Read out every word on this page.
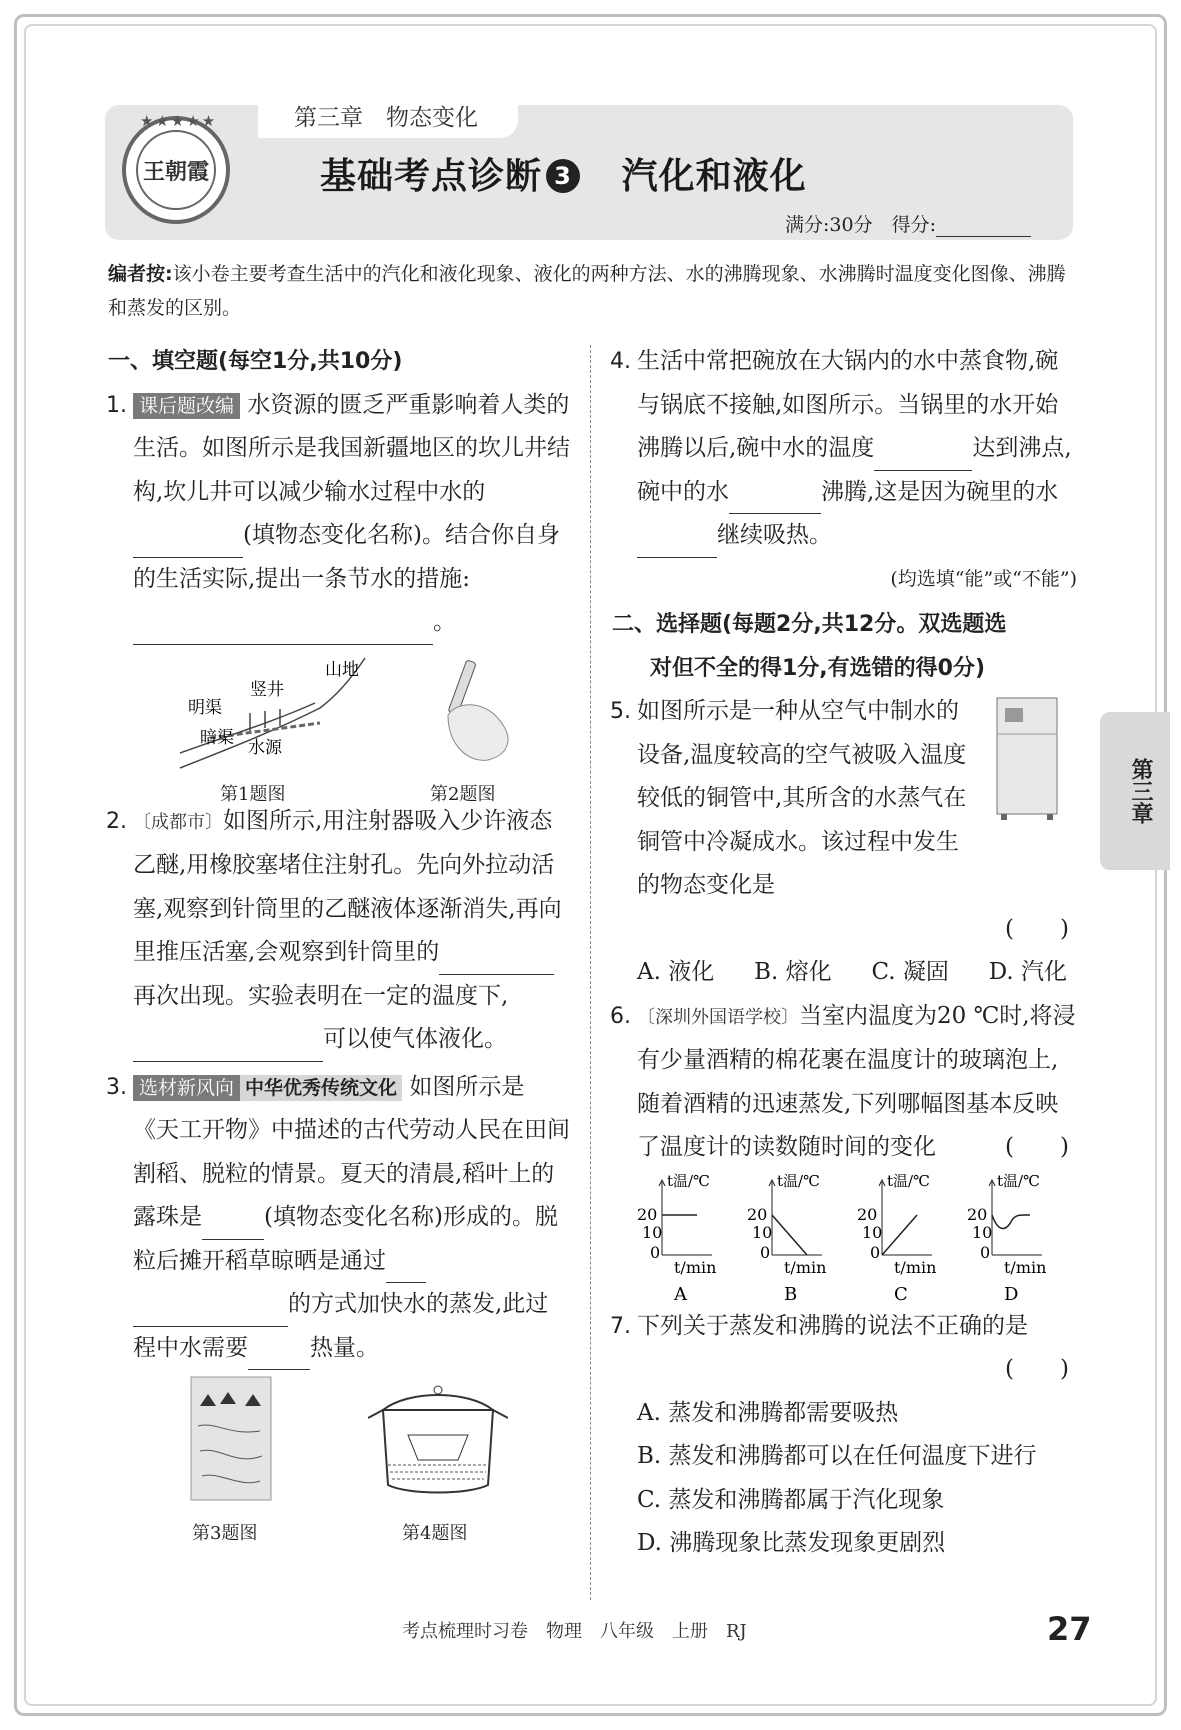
第三章　物态变化
王朝霞
★★★★★
基础考点诊断 3 汽化和液化
满分:30分　得分:
编者按:该小卷主要考查生活中的汽化和液化现象、液化的两种方法、水的沸腾现象、水沸腾时温度变化图像、沸腾和蒸发的区别。
一、填空题(每空1分,共10分)
1. 课后题改编 水资源的匮乏严重影响着人类的生活。如图所示是我国新疆地区的坎儿井结构,坎儿井可以减少输水过程中水的(填物态变化名称)。结合你自身的生活实际,提出一条节水的措施:。
竖井
山地
明渠
暗渠 水源
第1题图	第2题图
2. 〔成都市〕如图所示,用注射器吸入少许液态乙醚,用橡胶塞堵住注射孔。先向外拉动活塞,观察到针筒里的乙醚液体逐渐消失,再向里推压活塞,会观察到针筒里的再次出现。实验表明在一定的温度下,可以使气体液化。
3. 选材新风向 中华优秀传统文化 如图所示是《天工开物》中描述的古代劳动人民在田间割稻、脱粒的情景。夏天的清晨,稻叶上的露珠是	(填物态变化名称)形成的。脱粒后摊开稻草晾晒是通过的方式加快水的蒸发,此过程中水需要	热量。
第3题图	第4题图
4. 生活中常把碗放在大锅内的水中蒸食物,碗与锅底不接触,如图所示。当锅里的水开始沸腾以后,碗中水的温度	达到沸点,碗中的水	沸腾,这是因为碗里的水继续吸热。
(均选填“能”或“不能”)
二、选择题(每题2分,共12分。双选题选
对但不全的得1分,有选错的得0分)
5. 如图所示是一种从空气中制水的设备,温度较高的空气被吸入温度较低的铜管中,其所含的水蒸气在铜管中冷凝成水。该过程中发生的物态变化是
(　　)
A. 液化 B. 熔化 C. 凝固 D. 汽化
6. 〔深圳外国语学校〕当室内温度为20 ℃时,将浸有少量酒精的棉花裹在温度计的玻璃泡上,随着酒精的迅速蒸发,下列哪幅图基本反映了温度计的读数随时间的变化	(　　)
t温/℃
20
10
0
t/min
A
t温/℃
20
10
0
t/min
B
t温/℃
20
10
0
t/min
C
t温/℃
20
10
0
t/min
D
7. 下列关于蒸发和沸腾的说法不正确的是
(　　)
A. 蒸发和沸腾都需要吸热
B. 蒸发和沸腾都可以在任何温度下进行
C. 蒸发和沸腾都属于汽化现象
D. 沸腾现象比蒸发现象更剧烈
第三章
考点梳理时习卷　物理　八年级　上册　RJ	27
